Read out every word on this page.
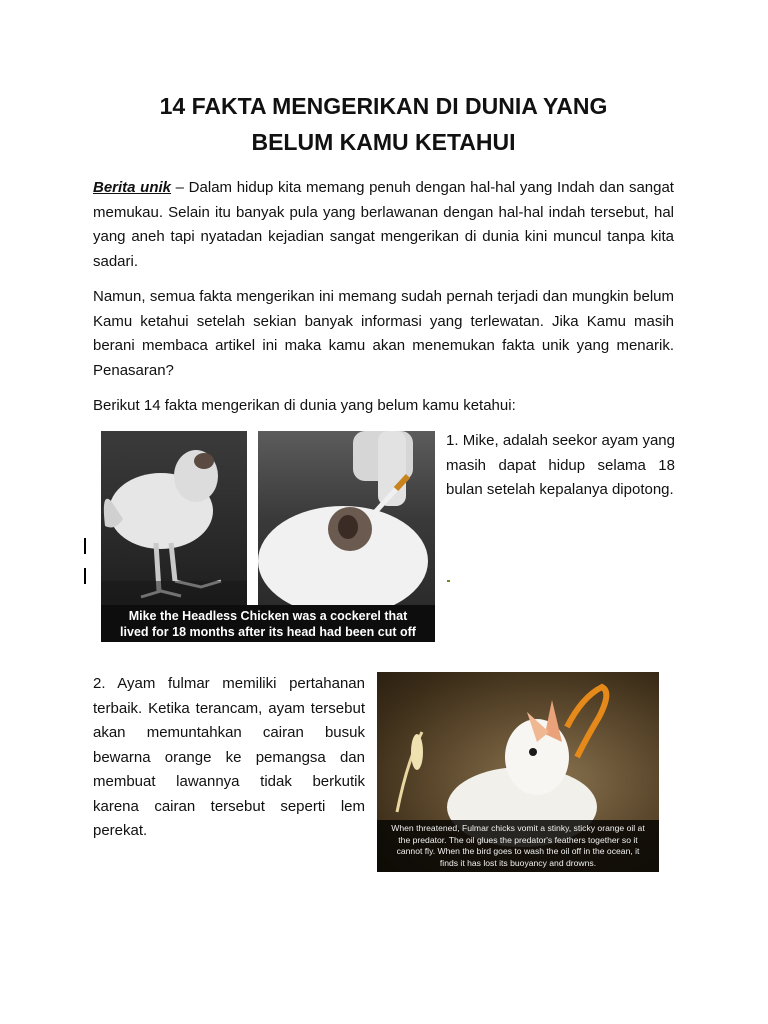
14 FAKTA MENGERIKAN DI DUNIA YANG
BELUM KAMU KETAHUI

Berita unik – Dalam hidup kita memang penuh dengan hal-hal yang Indah dan sangat memukau. Selain itu banyak pula yang berlawanan dengan hal-hal indah tersebut, hal yang aneh tapi nyatadan kejadian sangat mengerikan di dunia kini muncul tanpa kita sadari.

Namun, semua fakta mengerikan ini memang sudah pernah terjadi dan mungkin belum Kamu ketahui setelah sekian banyak informasi yang terlewatan. Jika Kamu masih berani membaca artikel ini maka kamu akan menemukan fakta unik yang menarik. Penasaran?

Berikut 14 fakta mengerikan di dunia yang belum kamu ketahui:

Mike the Headless Chicken was a cockerel that
lived for 18 months after its head had been cut off

1. Mike, adalah seekor ayam yang masih dapat hidup selama 18 bulan setelah kepalanya dipotong.

2. Ayam fulmar memiliki pertahanan terbaik. Ketika terancam, ayam tersebut akan memuntahkan cairan busuk bewarna orange ke pemangsa dan membuat lawannya tidak berkutik karena cairan tersebut seperti lem perekat.	When threatened, Fulmar chicks vomit a stinky, sticky orange oil at
the predator. The oil glues the predator's feathers together so it
cannot fly. When the bird goes to wash the oil off in the ocean, it
finds it has lost its buoyancy and drowns.
